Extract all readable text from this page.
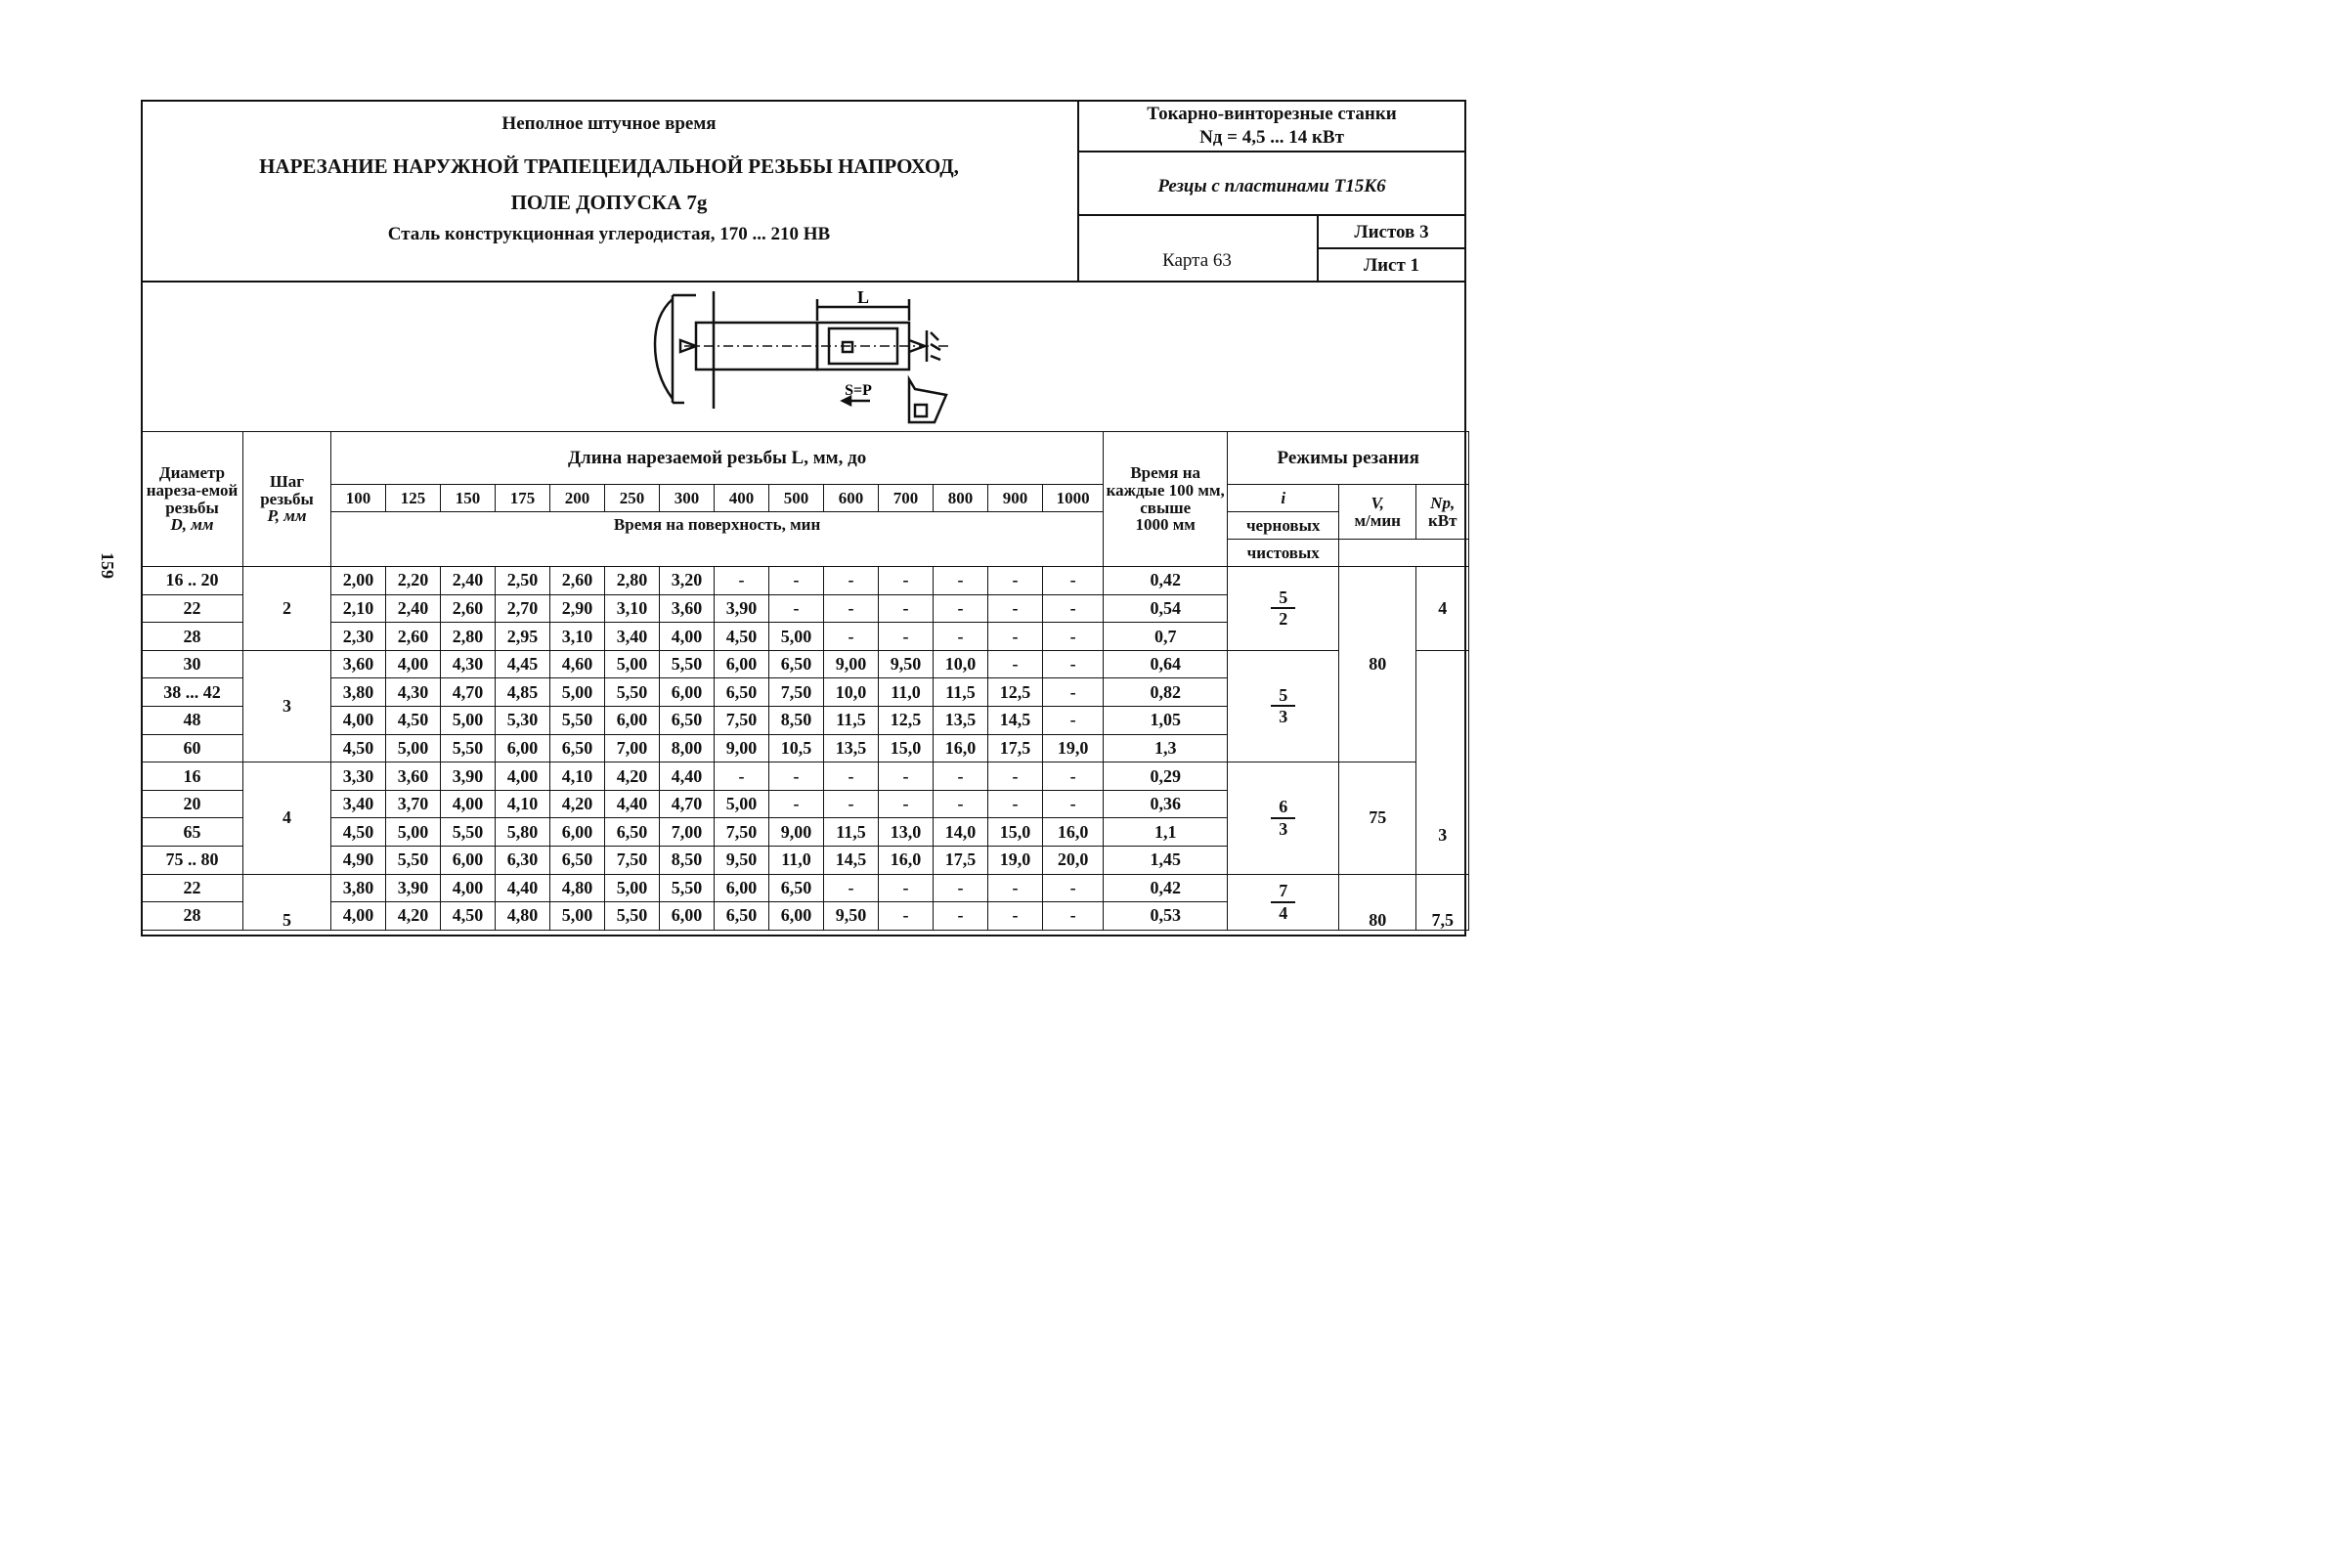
159
Неполное штучное время
НАРЕЗАНИЕ НАРУЖНОЙ ТРАПЕЦЕИДАЛЬНОЙ РЕЗЬБЫ НАПРОХОД,
ПОЛЕ ДОПУСКА 7g
Сталь конструкционная углеродистая, 170 ... 210 НВ
Токарно-винторезные станки
Nд = 4,5 ... 14 кВт
Резцы с пластинами Т15К6
Карта 63
Листов 3
Лист 1
L
S=P
Диаметр нареза-емой резьбы
D, мм	Шаг резьбы
P, мм	Длина нарезаемой резьбы L, мм, до														Время на каждые 100 мм, свыше
1000 мм	Режимы резания		
		100	125	150	175	200	250	300	400	500	600	700	800	900	1000		i	V,
м/мин	Nр,
кВт
		Время на поверхность, мин															черновых		
																	чистовых		
16 .. 20	2	2,00	2,20	2,40	2,50	2,60	2,80	3,20	-	-	-	-	-	-	-	0,42	$\frac{5}{2}$	80	4
22		2,10	2,40	2,60	2,70	2,90	3,10	3,60	3,90	-	-	-	-	-	-	0,54			
28		2,30	2,60	2,80	2,95	3,10	3,40	4,00	4,50	5,00	-	-	-	-	-	0,7			
30	3	3,60	4,00	4,30	4,45	4,60	5,00	5,50	6,00	6,50	9,00	9,50	10,0	-	-	0,64	$\frac{5}{3}$		3
38 ... 42		3,80	4,30	4,70	4,85	5,00	5,50	6,00	6,50	7,50	10,0	11,0	11,5	12,5	-	0,82			
48		4,00	4,50	5,00	5,30	5,50	6,00	6,50	7,50	8,50	11,5	12,5	13,5	14,5	-	1,05			
60		4,50	5,00	5,50	6,00	6,50	7,00	8,00	9,00	10,5	13,5	15,0	16,0	17,5	19,0	1,3			
16	4	3,30	3,60	3,90	4,00	4,10	4,20	4,40	-	-	-	-	-	-	-	0,29	$\frac{6}{3}$	75	
20		3,40	3,70	4,00	4,10	4,20	4,40	4,70	5,00	-	-	-	-	-	-	0,36			
65		4,50	5,00	5,50	5,80	6,00	6,50	7,00	7,50	9,00	11,5	13,0	14,0	15,0	16,0	1,1			
75 .. 80		4,90	5,50	6,00	6,30	6,50	7,50	8,50	9,50	11,0	14,5	16,0	17,5	19,0	20,0	1,45			
22	5	3,80	3,90	4,00	4,40	4,80	5,00	5,50	6,00	6,50	-	-	-	-	-	0,42	$\frac{7}{4}$	80	7,5
28		4,00	4,20	4,50	4,80	5,00	5,50	6,00	6,50	6,00	9,50	-	-	-	-	0,53			
